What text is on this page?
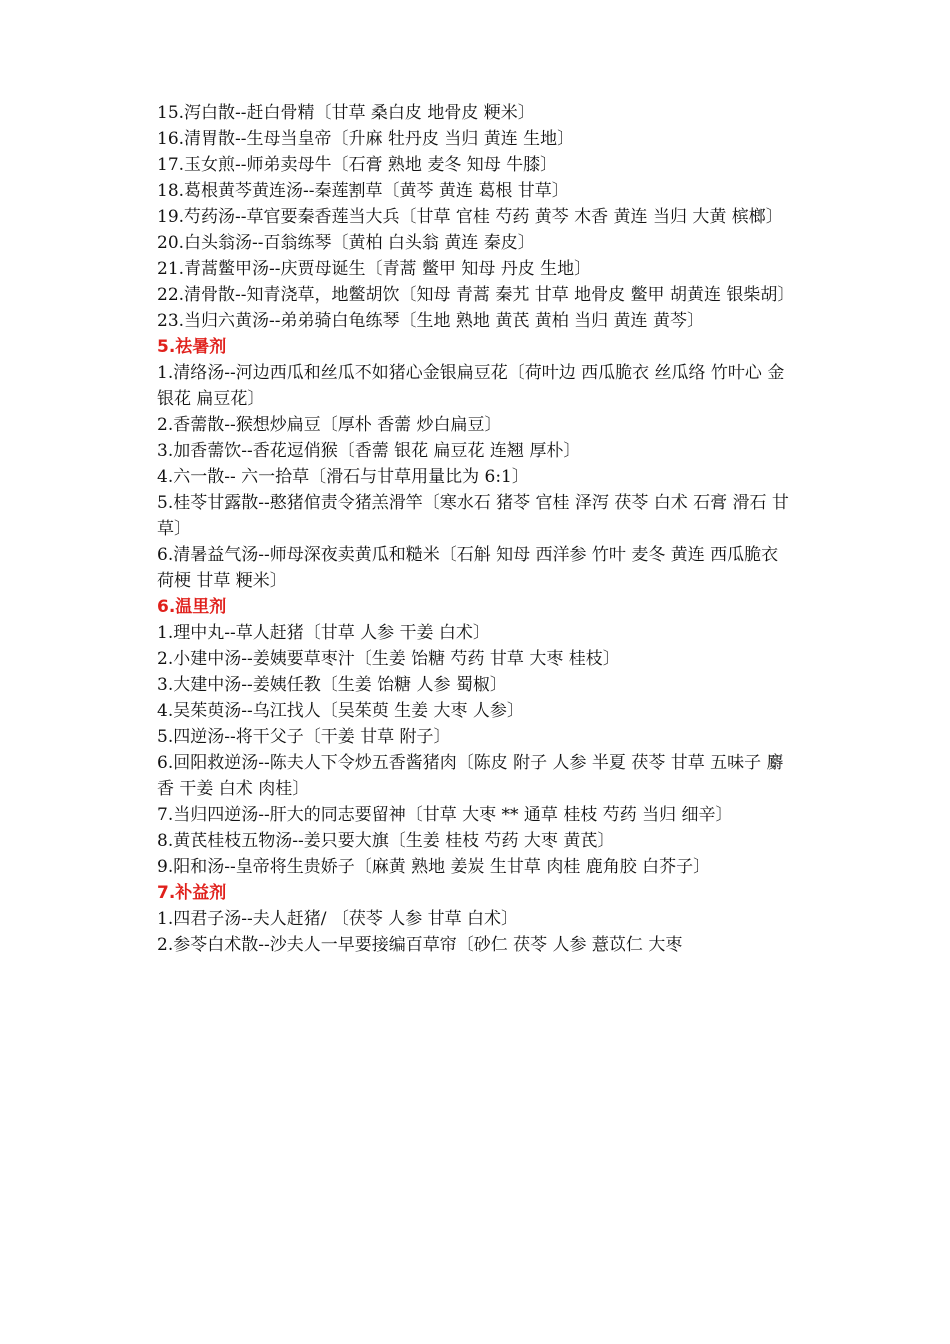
15.泻白散--赶白骨精〔甘草 桑白皮 地骨皮 粳米〕
16.清胃散--生母当皇帝〔升麻 牡丹皮 当归 黄连 生地〕
17.玉女煎--师弟卖母牛〔石膏 熟地 麦冬 知母 牛膝〕
18.葛根黄芩黄连汤--秦莲割草〔黄芩 黄连 葛根 甘草〕
19.芍药汤--草官要秦香莲当大兵〔甘草 官桂 芍药 黄芩 木香 黄连 当归 大黄 槟榔〕
20.白头翁汤--百翁练琴〔黄柏 白头翁 黄连 秦皮〕
21.青蒿鳖甲汤--庆贾母诞生〔青蒿 鳖甲 知母 丹皮 生地〕
22.清骨散--知青浇草，地鳖胡饮〔知母 青蒿 秦艽 甘草 地骨皮 鳖甲 胡黄连 银柴胡〕
23.当归六黄汤--弟弟骑白龟练琴〔生地 熟地 黄芪 黄柏 当归 黄连 黄芩〕
5.祛暑剂
1.清络汤--河边西瓜和丝瓜不如猪心金银扁豆花〔荷叶边 西瓜脆衣 丝瓜络 竹叶心 金银花 扁豆花〕
2.香薷散--猴想炒扁豆〔厚朴 香薷 炒白扁豆〕
3.加香薷饮--香花逗俏猴〔香薷 银花 扁豆花 连翘 厚朴〕
4.六一散-- 六一拾草〔滑石与甘草用量比为 6:1〕
5.桂苓甘露散--憨猪倌责令猪羔滑竿〔寒水石 猪苓 官桂 泽泻 茯苓 白术 石膏 滑石 甘草〕
6.清暑益气汤--师母深夜卖黄瓜和糙米〔石斛 知母 西洋参 竹叶 麦冬 黄连 西瓜脆衣 荷梗 甘草 粳米〕
6.温里剂
1.理中丸--草人赶猪〔甘草 人参 干姜 白术〕
2.小建中汤--姜姨要草枣汁〔生姜 饴糖 芍药 甘草 大枣 桂枝〕
3.大建中汤--姜姨任教〔生姜 饴糖 人参 蜀椒〕
4.吴茱萸汤--乌江找人〔吴茱萸 生姜 大枣 人参〕
5.四逆汤--将干父子〔干姜 甘草 附子〕
6.回阳救逆汤--陈夫人下令炒五香酱猪肉〔陈皮 附子 人参 半夏 茯苓 甘草 五味子 麝香 干姜 白术 肉桂〕
7.当归四逆汤--肝大的同志要留神〔甘草 大枣 ** 通草 桂枝 芍药 当归 细辛〕
8.黄芪桂枝五物汤--姜只要大旗〔生姜 桂枝 芍药 大枣 黄芪〕
9.阳和汤--皇帝将生贵娇子〔麻黄 熟地 姜炭 生甘草 肉桂 鹿角胶 白芥子〕
7.补益剂
1.四君子汤--夫人赶猪/ 〔茯苓 人参 甘草 白术〕
2.参苓白术散--沙夫人一早要接编百草帘〔砂仁 茯苓 人参 薏苡仁 大枣
